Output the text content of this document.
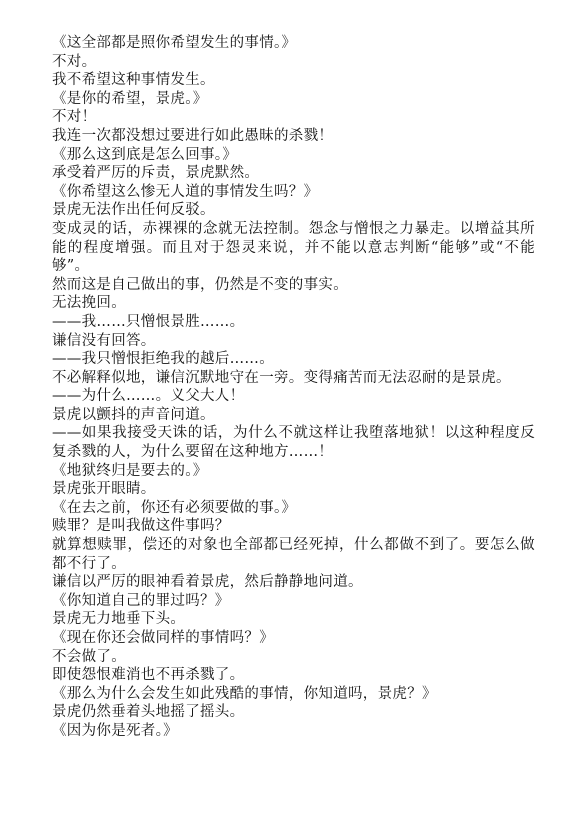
《这全部都是照你希望发生的事情。》
不对。
我不希望这种事情发生。
《是你的希望，景虎。》
不对！
我连一次都没想过要进行如此愚昧的杀戮！
《那么这到底是怎么回事。》
承受着严厉的斥责，景虎默然。
《你希望这么惨无人道的事情发生吗？》
景虎无法作出任何反驳。
变成灵的话，赤裸裸的念就无法控制。怨念与憎恨之力暴走。以增益其所能的程度增强。而且对于怨灵来说，并不能以意志判断“能够”或“不能够”。
然而这是自己做出的事，仍然是不变的事实。
无法挽回。
——我……只憎恨景胜……。
谦信没有回答。
——我只憎恨拒绝我的越后……。
不必解释似地，谦信沉默地守在一旁。变得痛苦而无法忍耐的是景虎。
——为什么……。义父大人！
景虎以颤抖的声音问道。
——如果我接受天诛的话，为什么不就这样让我堕落地狱！以这种程度反复杀戮的人，为什么要留在这种地方……！
《地狱终归是要去的。》
景虎张开眼睛。
《在去之前，你还有必须要做的事。》
赎罪？是叫我做这件事吗？
就算想赎罪，偿还的对象也全部都已经死掉，什么都做不到了。要怎么做都不行了。
谦信以严厉的眼神看着景虎，然后静静地问道。
《你知道自己的罪过吗？》
景虎无力地垂下头。
《现在你还会做同样的事情吗？》
不会做了。
即使怨恨难消也不再杀戮了。
《那么为什么会发生如此残酷的事情，你知道吗，景虎？》
景虎仍然垂着头地摇了摇头。
《因为你是死者。》
